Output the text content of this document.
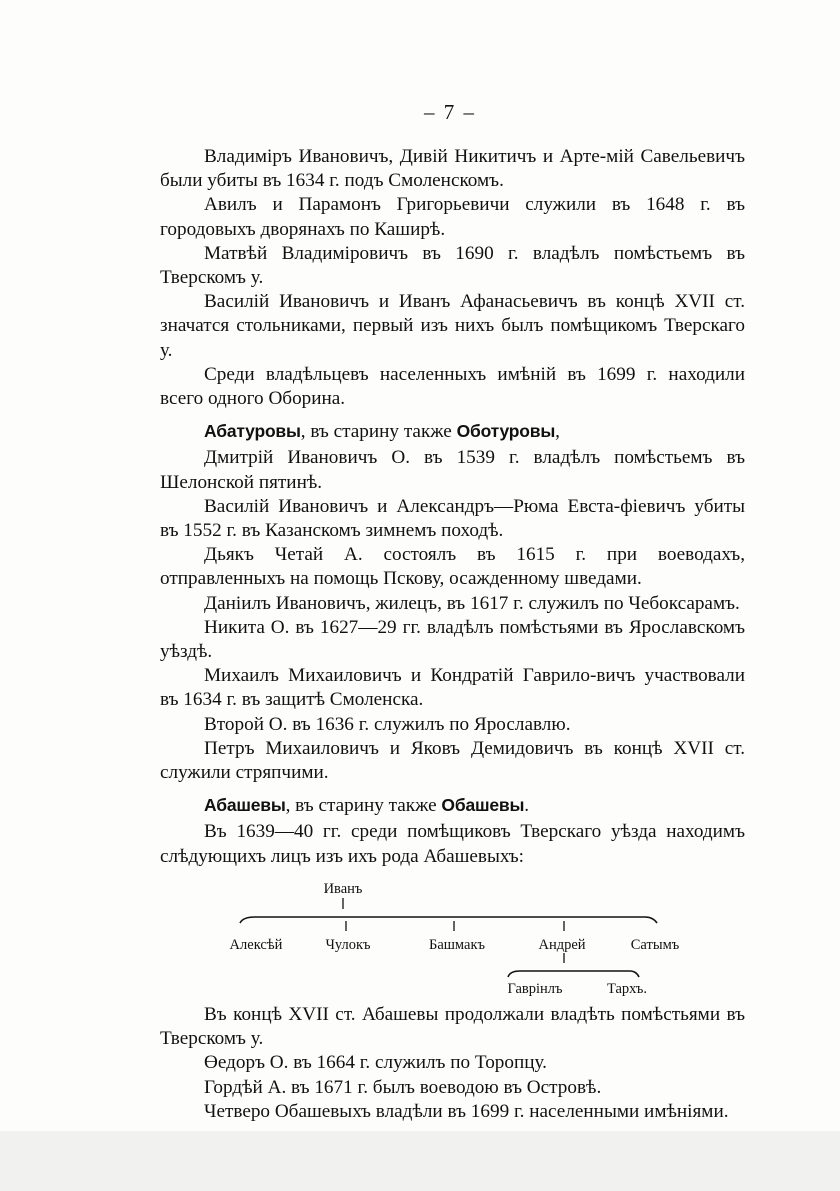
– 7 –

Владиміръ Ивановичъ, Дивій Никитичъ и Арте-мій Савельевичъ были убиты въ 1634 г. подъ Смоленскомъ.

Авилъ и Парамонъ Григорьевичи служили въ 1648 г. въ городовыхъ дворянахъ по Каширѣ.

Матвѣй Владиміровичъ въ 1690 г. владѣлъ помѣстьемъ въ Тверскомъ у.

Василій Ивановичъ и Иванъ Афанасьевичъ въ концѣ XVII ст. значатся стольниками, первый изъ нихъ былъ помѣщикомъ Тверскаго у.

Среди владѣльцевъ населенныхъ имѣній въ 1699 г. находили всего одного Оборина.

Абатуровы, въ старину также Оботуровы,

Дмитрій Ивановичъ О. въ 1539 г. владѣлъ помѣстьемъ въ Шелонской пятинѣ.

Василій Ивановичъ и Александръ—Рюма Евста-фіевичъ убиты въ 1552 г. въ Казанскомъ зимнемъ походѣ.

Дьякъ Четай А. состоялъ въ 1615 г. при воеводахъ, отправленныхъ на помощь Пскову, осажденному шведами.

Даніилъ Ивановичъ, жилецъ, въ 1617 г. служилъ по Чебоксарамъ.

Никита О. въ 1627—29 гг. владѣлъ помѣстьями въ Ярославскомъ уѣздѣ.

Михаилъ Михаиловичъ и Кондратій Гаврило-вичъ участвовали въ 1634 г. въ защитѣ Смоленска.

Второй О. въ 1636 г. служилъ по Ярославлю.

Петръ Михаиловичъ и Яковъ Демидовичъ въ концѣ XVII ст. служили стряпчими.

Абашевы, въ старину также Обашевы.

Въ 1639—40 гг. среди помѣщиковъ Тверскаго уѣзда находимъ слѣдующихъ лицъ изъ ихъ рода Абашевыхъ:

Иванъ
Алексѣй	Чулокъ	Башмакъ	Андрей	Сатымъ
Гаврінлъ	Тархъ.

Въ концѣ XVII ст. Абашевы продолжали владѣть помѣстьями въ Тверскомъ у.

Өедоръ О. въ 1664 г. служилъ по Торопцу.

Гордѣй А. въ 1671 г. былъ воеводою въ Островѣ.

Четверо Обашевыхъ владѣли въ 1699 г. населенными имѣніями.
